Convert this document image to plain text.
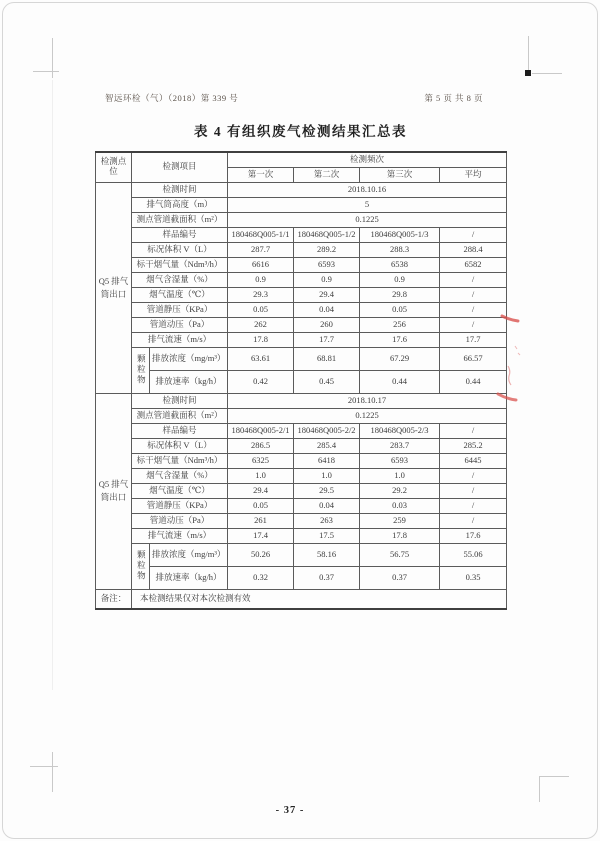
智远环检（气）（2018）第 339 号	第 5 页 共 8 页
表 4 有组织废气检测结果汇总表
检测点位	检测项目		检测频次			
			第一次	第二次	第三次	平均
Q5 排气筒出口	检测时间		2018.10.16			
	排气筒高度（m）		5			
	测点管道截面积（m²）		0.1225			
	样品编号		180468Q005-1/1	180468Q005-1/2	180468Q005-1/3	/
	标况体积 V（L）		287.7	289.2	288.3	288.4
	标干烟气量（Ndm³/h）		6616	6593	6538	6582
	烟气含湿量（%）		0.9	0.9	0.9	/
	烟气温度（℃）		29.3	29.4	29.8	/
	管道静压（KPa）		0.05	0.04	0.05	/
	管道动压（Pa）		262	260	256	/
	排气流速（m/s）		17.8	17.7	17.6	17.7
	颗粒物	排放浓度（mg/m³）	63.61	68.81	67.29	66.57
		排放速率（kg/h）	0.42	0.45	0.44	0.44
Q5 排气筒出口	检测时间		2018.10.17			
	测点管道截面积（m²）		0.1225			
	样品编号		180468Q005-2/1	180468Q005-2/2	180468Q005-2/3	/
	标况体积 V（L）		286.5	285.4	283.7	285.2
	标干烟气量（Ndm³/h）		6325	6418	6593	6445
	烟气含湿量（%）		1.0	1.0	1.0	/
	烟气温度（℃）		29.4	29.5	29.2	/
	管道静压（KPa）		0.05	0.04	0.03	/
	管道动压（Pa）		261	263	259	/
	排气流速（m/s）		17.4	17.5	17.8	17.6
	颗粒物	排放浓度（mg/m³）	50.26	58.16	56.75	55.06
		排放速率（kg/h）	0.32	0.37	0.37	0.35
备注：	本检测结果仅对本次检测有效					
- 37 -
